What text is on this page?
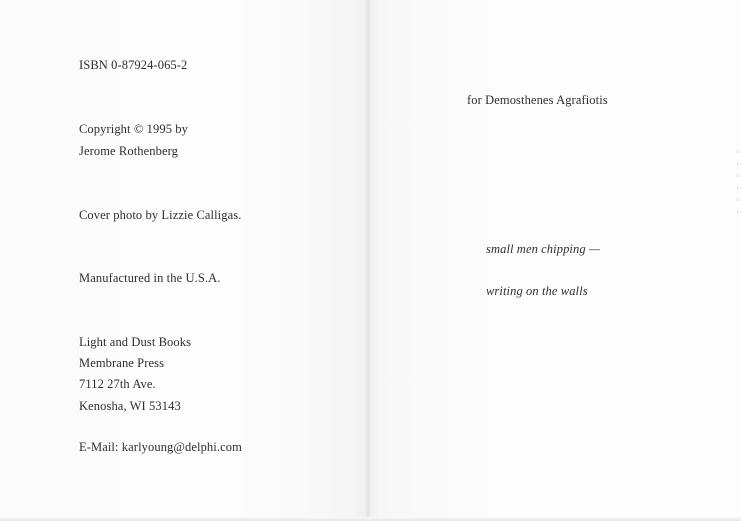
ISBN 0-87924-065-2
Copyright © 1995 by
Jerome Rothenberg
Cover photo by Lizzie Calligas.
Manufactured in the U.S.A.
Light and Dust Books
Membrane Press
7112 27th Ave.
Kenosha, WI 53143
E-Mail: karlyoung@delphi.com
for Demosthenes Agrafiotis
small men chipping —
writing on the walls
